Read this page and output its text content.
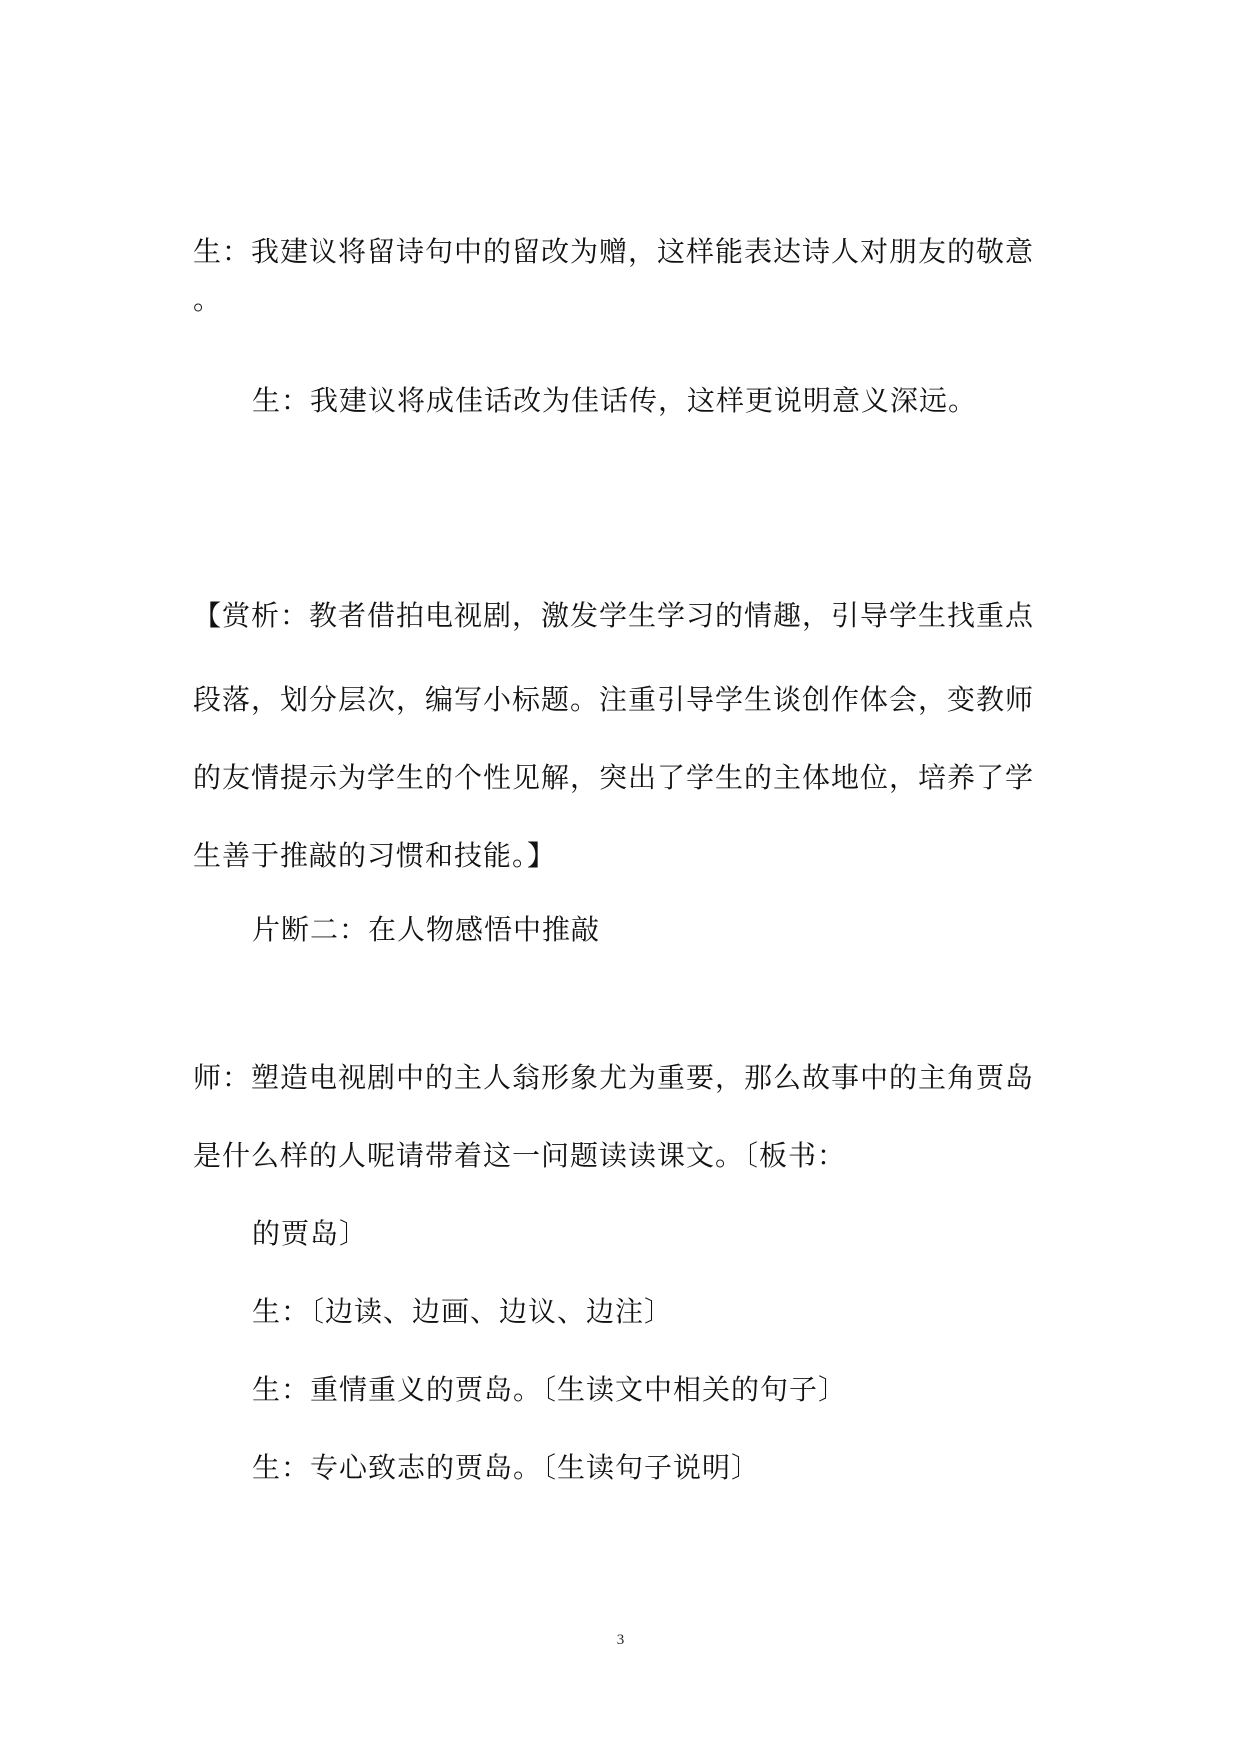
生：我建议将留诗句中的留改为赠，这样能表达诗人对朋友的敬意
。
生：我建议将成佳话改为佳话传，这样更说明意义深远。
【赏析：教者借拍电视剧，激发学生学习的情趣，引导学生找重点
段落，划分层次，编写小标题。注重引导学生谈创作体会，变教师
的友情提示为学生的个性见解，突出了学生的主体地位，培养了学
生善于推敲的习惯和技能。】
片断二：在人物感悟中推敲
师：塑造电视剧中的主人翁形象尤为重要，那么故事中的主角贾岛
是什么样的人呢请带着这一问题读读课文。〔板书：
的贾岛〕
生：〔边读、边画、边议、边注〕
生：重情重义的贾岛。〔生读文中相关的句子〕
生：专心致志的贾岛。〔生读句子说明〕
3
